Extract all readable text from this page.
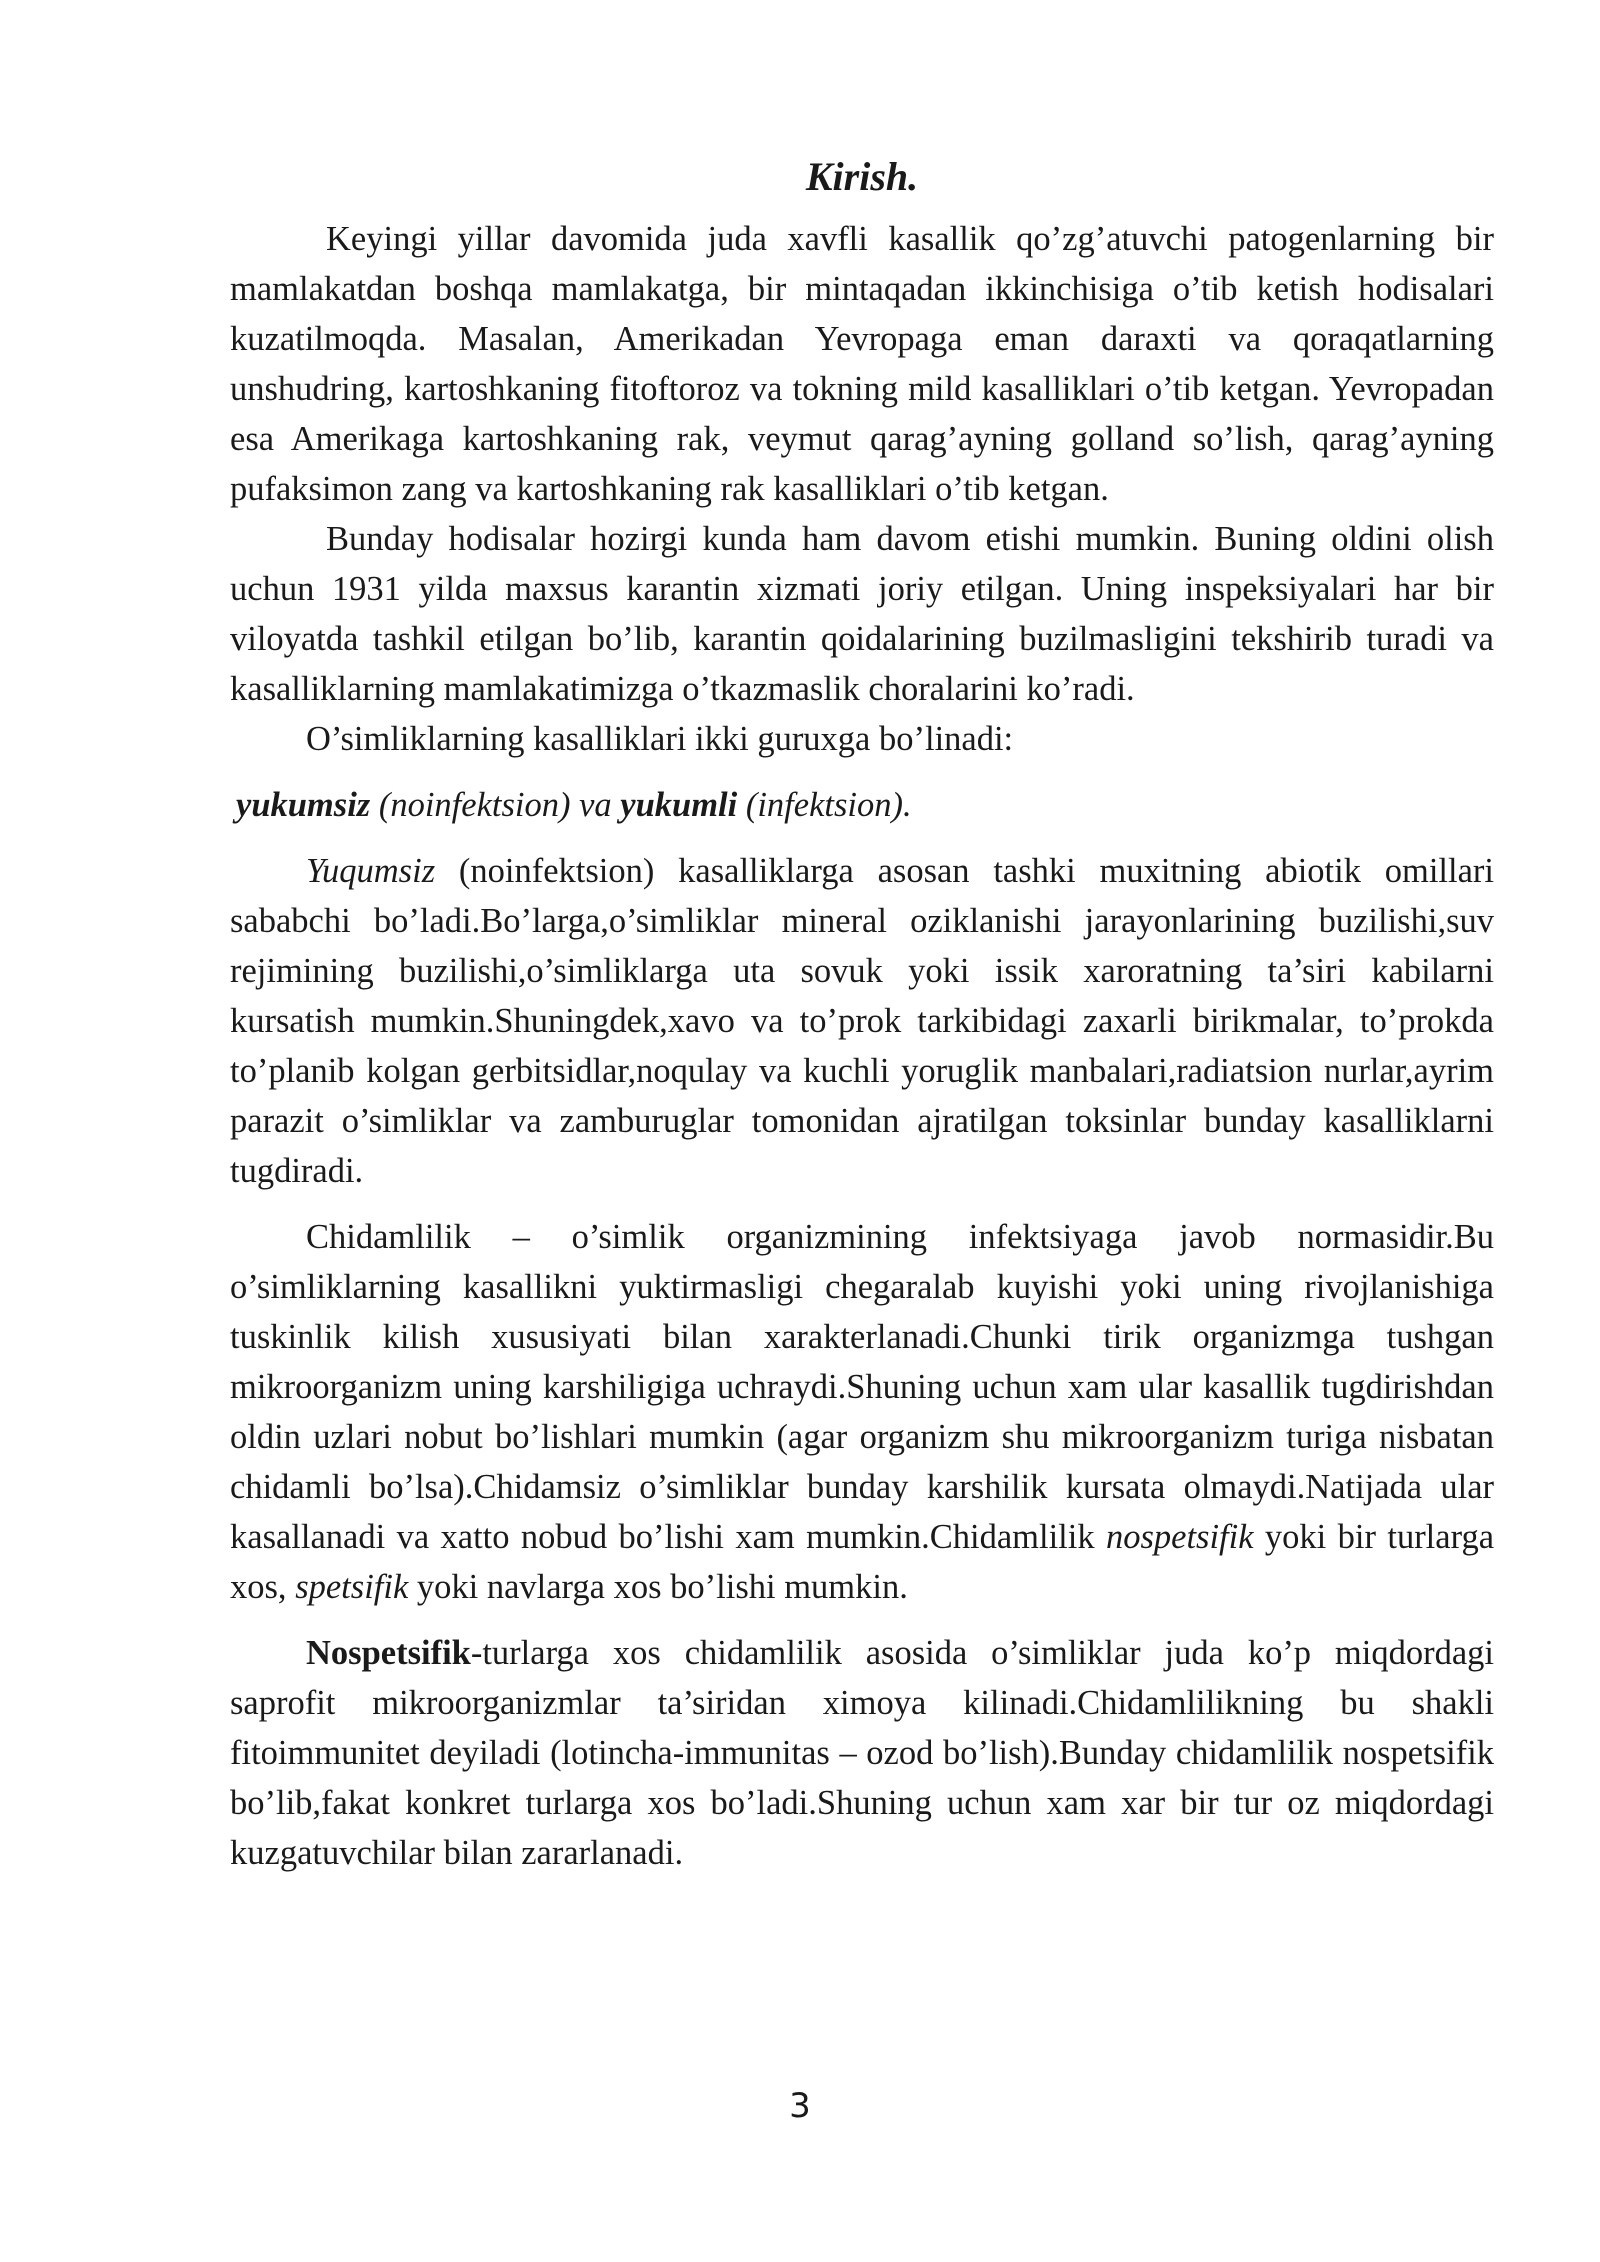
Kirish.

Keyingi yillar davomida juda xavfli kasallik qo’zg’atuvchi patogenlarning bir mamlakatdan boshqa mamlakatga, bir mintaqadan ikkinchisiga o’tib ketish hodisalari kuzatilmoqda. Masalan, Amerikadan Yevropaga eman daraxti va qoraqatlarning unshudring, kartoshkaning fitoftoroz va tokning mild kasalliklari o’tib ketgan. Yevropadan esa Amerikaga kartoshkaning rak, veymut qarag’ayning golland so’lish, qarag’ayning pufaksimon zang va kartoshkaning rak kasalliklari o’tib ketgan.

Bunday hodisalar hozirgi kunda ham davom etishi mumkin. Buning oldini olish uchun 1931 yilda maxsus karantin xizmati joriy etilgan. Uning inspeksiyalari har bir viloyatda tashkil etilgan bo’lib, karantin qoidalarining buzilmasligini tekshirib turadi va kasalliklarning mamlakatimizga o’tkazmaslik choralarini ko’radi.

O’simliklarning kasalliklari ikki guruxga bo’linadi:

yukumsiz (noinfektsion) va yukumli (infektsion).

Yuqumsiz (noinfektsion) kasalliklarga asosan tashki muxitning abiotik omillari sababchi bo’ladi.Bo’larga,o’simliklar mineral oziklanishi jarayonlarining buzilishi,suv rejimining buzilishi,o’simliklarga uta sovuk yoki issik xaroratning ta’siri kabilarni kursatish mumkin.Shuningdek,xavo va to’prok tarkibidagi zaxarli birikmalar, to’prokda to’planib kolgan gerbitsidlar,noqulay va kuchli yoruglik manbalari,radiatsion nurlar,ayrim parazit o’simliklar va zamburuglar tomonidan ajratilgan toksinlar bunday kasalliklarni tugdiradi.

Chidamlilik – o’simlik organizmining infektsiyaga javob normasidir.Bu o’simliklarning kasallikni yuktirmasligi chegaralab kuyishi yoki uning rivojlanishiga tuskinlik kilish xususiyati bilan xarakterlanadi.Chunki tirik organizmga tushgan mikroorganizm uning karshiligiga uchraydi.Shuning uchun xam ular kasallik tugdirishdan oldin uzlari nobut bo’lishlari mumkin (agar organizm shu mikroorganizm turiga nisbatan chidamli bo’lsa).Chidamsiz o’simliklar bunday karshilik kursata olmaydi.Natijada ular kasallanadi va xatto nobud bo’lishi xam mumkin.Chidamlilik nospetsifik yoki bir turlarga xos, spetsifik yoki navlarga xos bo’lishi mumkin.

Nospetsifik-turlarga xos chidamlilik asosida o’simliklar juda ko’p miqdordagi saprofit mikroorganizmlar ta’siridan ximoya kilinadi.Chidamlilikning bu shakli fitoimmunitet deyiladi (lotincha-immunitas – ozod bo’lish).Bunday chidamlilik nospetsifik bo’lib,fakat konkret turlarga xos bo’ladi.Shuning uchun xam xar bir tur oz miqdordagi kuzgatuvchilar bilan zararlanadi.

3
